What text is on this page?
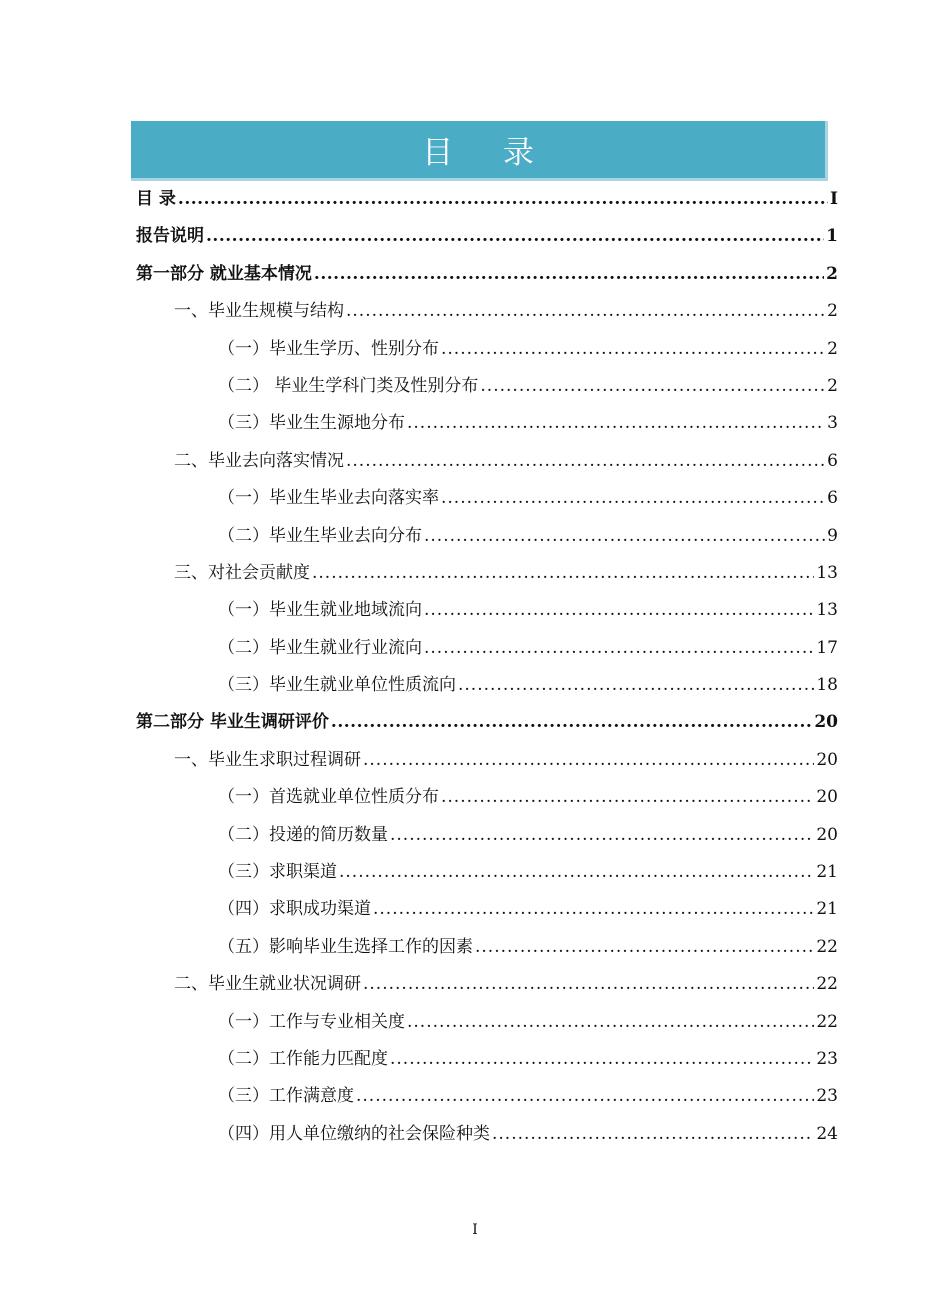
目 录
目 录 .....	I
报告说明 .....	1
第一部分 就业基本情况 .....	2
一、毕业生规模与结构 .....	2
（一）毕业生学历、性别分布 .....	2
（二） 毕业生学科门类及性别分布 .....	2
（三）毕业生生源地分布 .....	3
二、毕业去向落实情况 .....	6
（一）毕业生毕业去向落实率 .....	6
（二）毕业生毕业去向分布 .....	9
三、对社会贡献度 .....	13
（一）毕业生就业地域流向 .....	13
（二）毕业生就业行业流向 .....	17
（三）毕业生就业单位性质流向 .....	18
第二部分 毕业生调研评价 .....	20
一、毕业生求职过程调研 .....	20
（一）首选就业单位性质分布 .....	20
（二）投递的简历数量 .....	20
（三）求职渠道 .....	21
（四）求职成功渠道 .....	21
（五）影响毕业生选择工作的因素 .....	22
二、毕业生就业状况调研 .....	22
（一）工作与专业相关度 .....	22
（二）工作能力匹配度 .....	23
（三）工作满意度 .....	23
（四）用人单位缴纳的社会保险种类 .....	24
I
